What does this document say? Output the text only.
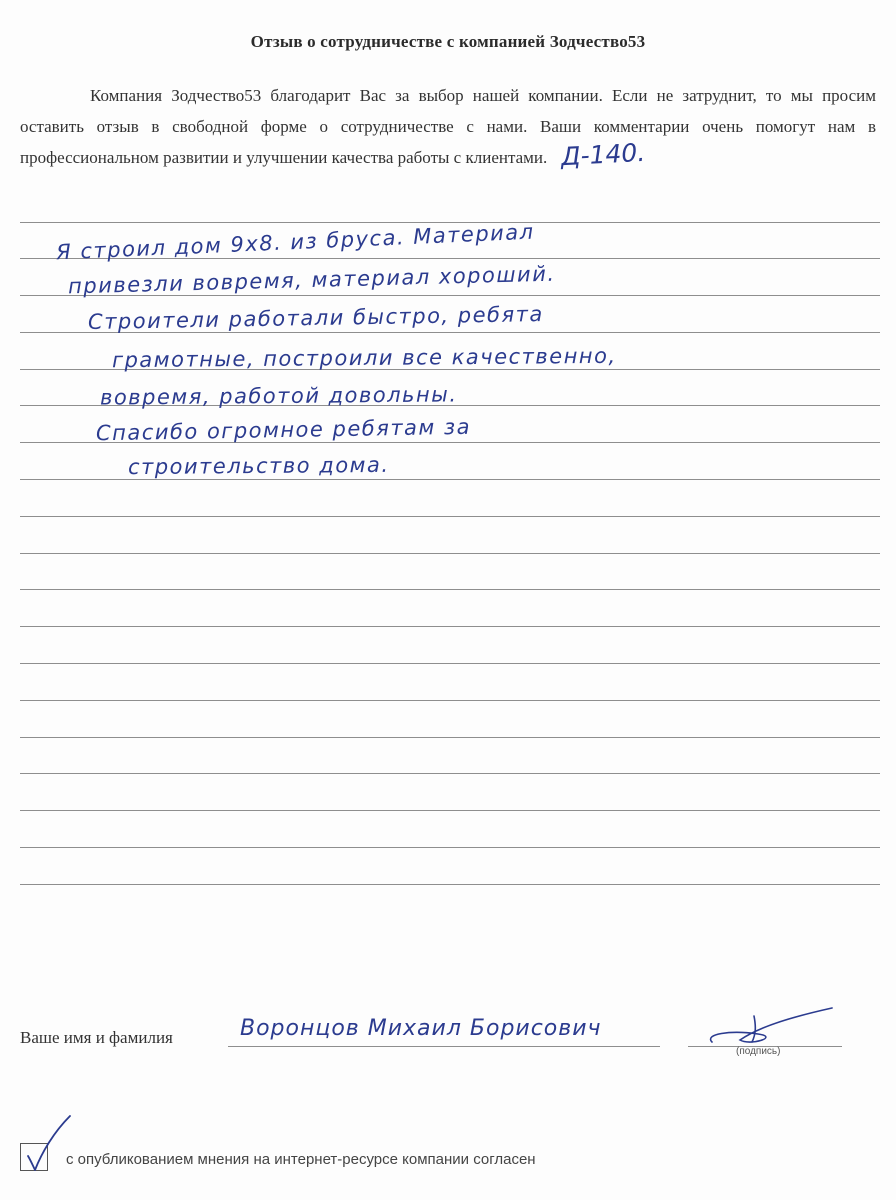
Отзыв о сотрудничестве с компанией Зодчество53
Компания Зодчество53 благодарит Вас за выбор нашей компании. Если не затруднит, то мы просим оставить отзыв в свободной форме о сотрудничестве с нами. Ваши комментарии очень помогут нам в профессиональном развитии и улучшении качества работы с клиентами. Д-140.
Я строил дом 9х8. из бруса. Материал
привезли вовремя, материал хороший.
Строители работали быстро, ребята
грамотные, построили все качественно,
вовремя, работой довольны.
Спасибо огромное ребятам за
строительство дома.
Ваше имя и фамилия	Воронцов Михаил Борисович
(подпись)
с опубликованием мнения на интернет-ресурсе компании согласен
